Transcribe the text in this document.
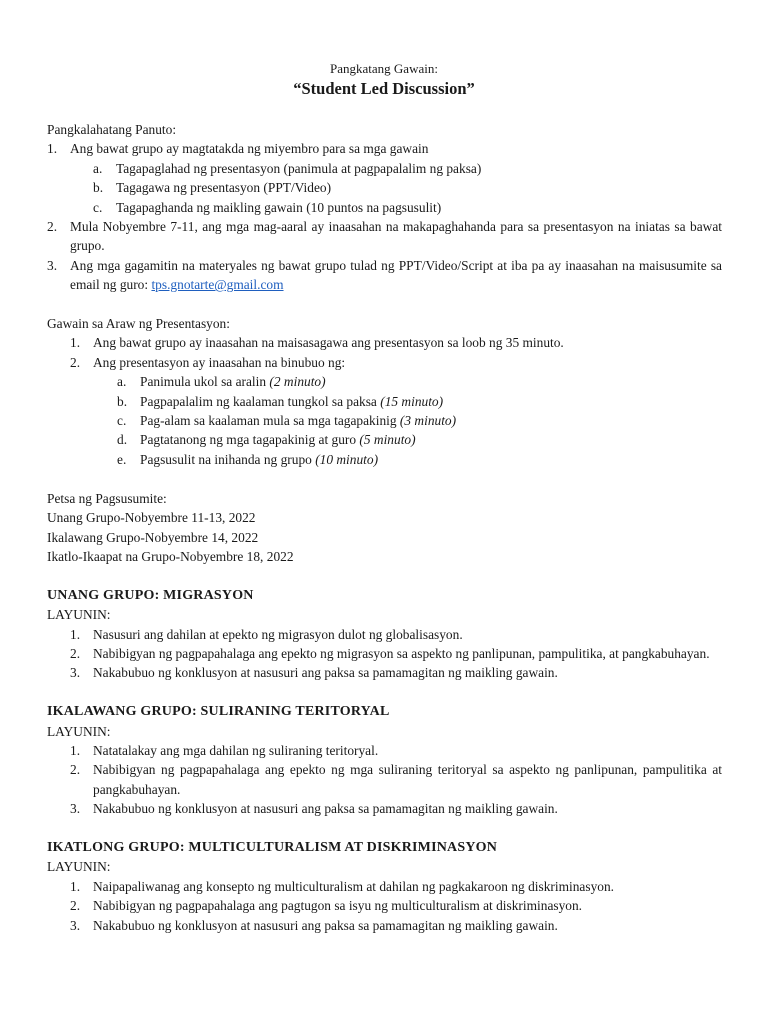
Pangkatang Gawain:
“Student Led Discussion”
Pangkalahatang Panuto:
1. Ang bawat grupo ay magtatakda ng miyembro para sa mga gawain
a. Tagapaglahad ng presentasyon (panimula at pagpapalalim ng paksa)
b. Tagagawa ng presentasyon (PPT/Video)
c. Tagapaghanda ng maikling gawain (10 puntos na pagsusulit)
2. Mula Nobyembre 7-11, ang mga mag-aaral ay inaasahan na makapaghahanda para sa presentasyon na iniatas sa bawat grupo.
3. Ang mga gagamitin na materyales ng bawat grupo tulad ng PPT/Video/Script at iba pa ay inaasahan na maisusumite sa email ng guro: tps.gnotarte@gmail.com
Gawain sa Araw ng Presentasyon:
1. Ang bawat grupo ay inaasahan na maisasagawa ang presentasyon sa loob ng 35 minuto.
2. Ang presentasyon ay inaasahan na binubuo ng:
a. Panimula ukol sa aralin (2 minuto)
b. Pagpapalalim ng kaalaman tungkol sa paksa (15 minuto)
c. Pag-alam sa kaalaman mula sa mga tagapakinig (3 minuto)
d. Pagtatanong ng mga tagapakinig at guro (5 minuto)
e. Pagsusulit na inihanda ng grupo (10 minuto)
Petsa ng Pagsusumite:
Unang Grupo-Nobyembre 11-13, 2022
Ikalawang Grupo-Nobyembre 14, 2022
Ikatlo-Ikaapat na Grupo-Nobyembre 18, 2022
UNANG GRUPO: MIGRASYON
LAYUNIN:
1. Nasusuri ang dahilan at epekto ng migrasyon dulot ng globalisasyon.
2. Nabibigyan ng pagpapahalaga ang epekto ng migrasyon sa aspekto ng panlipunan, pampulitika, at pangkabuhayan.
3. Nakabubuo ng konklusyon at nasusuri ang paksa sa pamamagitan ng maikling gawain.
IKALAWANG GRUPO: SULIRANING TERITORYAL
LAYUNIN:
1. Natatalakay ang mga dahilan ng suliraning teritoryal.
2. Nabibigyan ng pagpapahalaga ang epekto ng mga suliraning teritoryal sa aspekto ng panlipunan, pampulitika at pangkabuhayan.
3. Nakabubuo ng konklusyon at nasusuri ang paksa sa pamamagitan ng maikling gawain.
IKATLONG GRUPO: MULTICULTURALISM AT DISKRIMINASYON
LAYUNIN:
1. Naipapaliwanag ang konsepto ng multiculturalism at dahilan ng pagkakaroon ng diskriminasyon.
2. Nabibigyan ng pagpapahalaga ang pagtugon sa isyu ng multiculturalism at diskriminasyon.
3. Nakabubuo ng konklusyon at nasusuri ang paksa sa pamamagitan ng maikling gawain.
